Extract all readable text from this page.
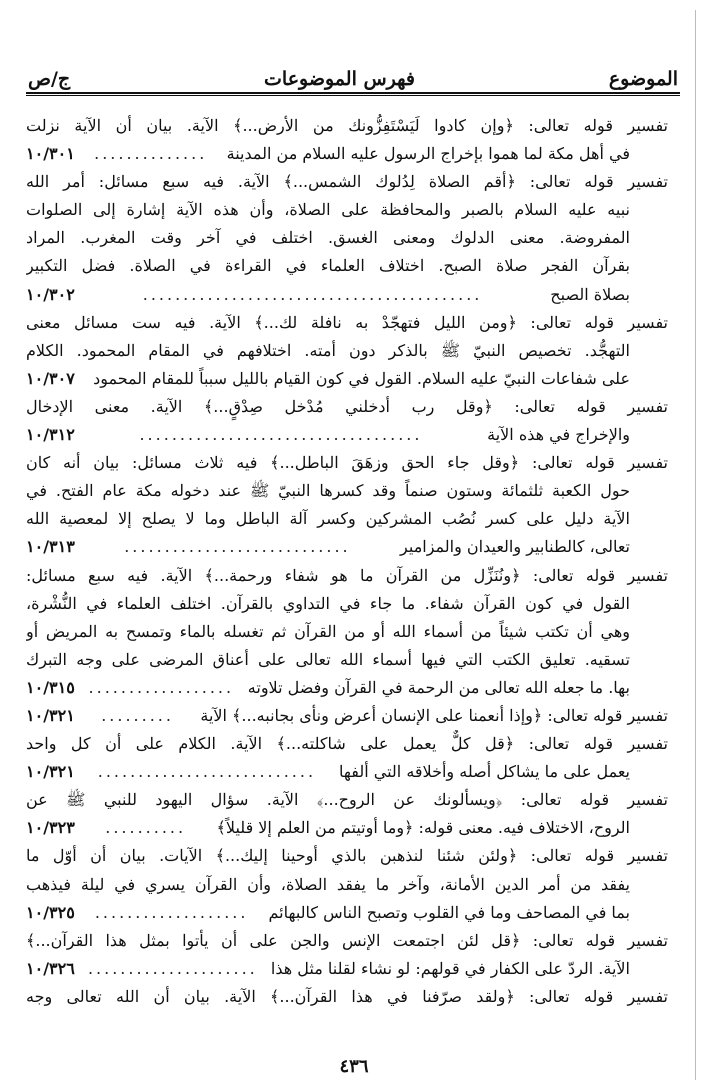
الموضوع
فهرس الموضوعات
ج/ص
تفسير قوله تعالى: ﴿وإن كادوا لَيَسْتَفِزُّونك من الأرض...﴾ الآية. بيان أن الآية نزلت
في أهل مكة لما هموا بإخراج الرسول عليه السلام من المدينة
..............
١٠/٣٠١
تفسير قوله تعالى: ﴿أقم الصلاة لِدُلوك الشمس...﴾ الآية. فيه سبع مسائل: أمر الله
نبيه عليه السلام بالصبر والمحافظة على الصلاة، وأن هذه الآية إشارة إلى الصلوات
المفروضة. معنى الدلوك ومعنى الغسق. اختلف في آخر وقت المغرب. المراد
بقرآن الفجر صلاة الصبح. اختلاف العلماء في القراءة في الصلاة. فضل التكبير
بصلاة الصبح
..........................................
١٠/٣٠٢
تفسير قوله تعالى: ﴿ومن الليل فتهجّدْ به نافلة لك...﴾ الآية. فيه ست مسائل معنى
التهجُّد. تخصيص النبيّ ﷺ بالذكر دون أمته. اختلافهم في المقام المحمود. الكلام
على شفاعات النبيّ عليه السلام. القول في كون القيام بالليل سبباً للمقام المحمود
١٠/٣٠٧
تفسير قوله تعالى: ﴿وقل رب أدخلني مُدْخل صِدْقٍ...﴾ الآية. معنى الإدخال
والإخراج في هذه الآية
...................................
١٠/٣١٢
تفسير قوله تعالى: ﴿وقل جاء الحق وزهَقَ الباطل...﴾ فيه ثلاث مسائل: بيان أنه كان
حول الكعبة ثلثمائة وستون صنماً وقد كسرها النبيّ ﷺ عند دخوله مكة عام الفتح. في
الآية دليل على كسر نُصُب المشركين وكسر آلة الباطل وما لا يصلح إلا لمعصية الله
تعالى، كالطنابير والعيدان والمزامير
............................
١٠/٣١٣
تفسير قوله تعالى: ﴿ونُنَزِّل من القرآن ما هو شفاء ورحمة...﴾ الآية. فيه سبع مسائل:
القول في كون القرآن شفاء. ما جاء في التداوي بالقرآن. اختلف العلماء في النُّشْرة،
وهي أن تكتب شيئاً من أسماء الله أو من القرآن ثم تغسله بالماء وتمسح به المريض أو
تسقيه. تعليق الكتب التي فيها أسماء الله تعالى على أعناق المرضى على وجه التبرك
بها. ما جعله الله تعالى من الرحمة في القرآن وفضل تلاوته
..................
١٠/٣١٥
تفسير قوله تعالى: ﴿وإذا أنعمنا على الإنسان أعرض ونأى بجانبه...﴾ الآية
.........
١٠/٣٢١
تفسير قوله تعالى: ﴿قل كلٌّ يعمل على شاكلته...﴾ الآية. الكلام على أن كل واحد
يعمل على ما يشاكل أصله وأخلاقه التي ألفها
...........................
١٠/٣٢١
تفسير قوله تعالى: ﴿ويسألونك عن الروح...﴾ الآية. سؤال اليهود للنبي ﷺ عن
الروح، الاختلاف فيه. معنى قوله: ﴿وما أوتيتم من العلم إلا قليلاً﴾
..........
١٠/٣٢٣
تفسير قوله تعالى: ﴿ولئن شئنا لنذهبن بالذي أوحينا إليك...﴾ الآيات. بيان أن أوّل ما
يفقد من أمر الدين الأمانة، وآخر ما يفقد الصلاة، وأن القرآن يسري في ليلة فيذهب
بما في المصاحف وما في القلوب وتصبح الناس كالبهائم
...................
١٠/٣٢٥
تفسير قوله تعالى: ﴿قل لئن اجتمعت الإنس والجن على أن يأتوا بمثل هذا القرآن...﴾
الآية. الردّ على الكفار في قولهم: لو نشاء لقلنا مثل هذا
.....................
١٠/٣٢٦
تفسير قوله تعالى: ﴿ولقد صرّفنا في هذا القرآن...﴾ الآية. بيان أن الله تعالى وجه
٤٣٦
